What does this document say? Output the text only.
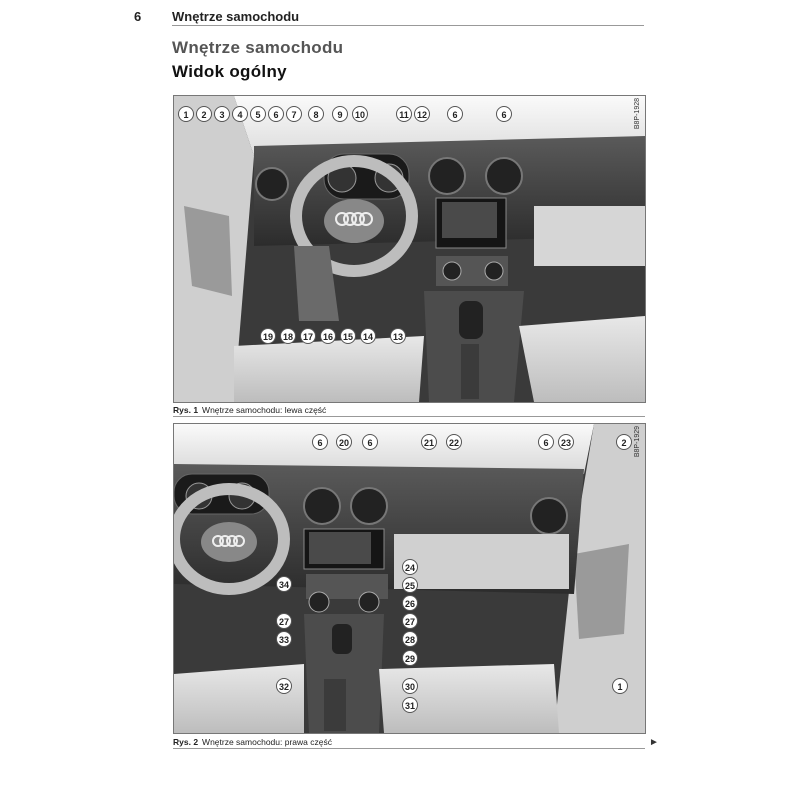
6 Wnętrze samochodu
Wnętrze samochodu
Widok ogólny
B8P-1928
1	2	3	4	5	6	7	8	9	10	11 12	6	6
19	18	17	16	15	14	13
Rys. 1 Wnętrze samochodu: lewa część
B8P-1929
6	20	6	21	22	6	23	2
24
34	25
26
27	27
33	28
29
32	30
31
1
Rys. 2 Wnętrze samochodu: prawa część	►
